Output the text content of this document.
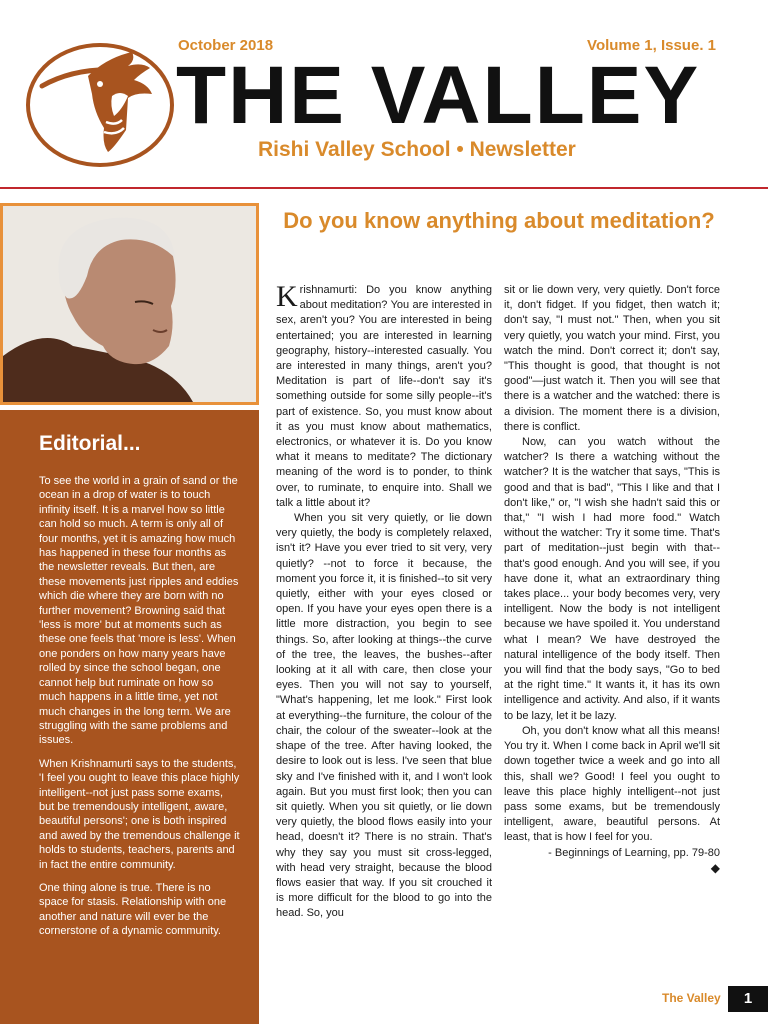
October 2018	Volume 1, Issue. 1
THE VALLEY
Rishi Valley School • Newsletter
Editorial...

To see the world in a grain of sand or the ocean in a drop of water is to touch infinity itself. It is a marvel how so little can hold so much. A term is only all of four months, yet it is amazing how much has happened in these four months as the newsletter reveals. But then, are these movements just ripples and eddies which die where they are born with no further movement? Browning said that 'less is more' but at moments such as these one feels that 'more is less'. When one ponders on how many years have rolled by since the school began, one cannot help but ruminate on how so much happens in a little time, yet not much changes in the long term. We are struggling with the same problems and issues.

When Krishnamurti says to the students, 'I feel you ought to leave this place highly intelligent--not just pass some exams, but be tremendously intelligent, aware, beautiful persons'; one is both inspired and awed by the tremendous challenge it holds to students, teachers, parents and in fact the entire community.

One thing alone is true. There is no space for stasis. Relationship with one another and nature will ever be the cornerstone of a dynamic community.

Do you know anything about meditation?

Krishnamurti: Do you know anything about meditation? You are interested in sex, aren't you? You are interested in being entertained; you are interested in learning geography, history--interested casually. You are interested in many things, aren't you? Meditation is part of life--don't say it's something outside for some silly people--it's part of existence. So, you must know about it as you must know about mathematics, electronics, or whatever it is. Do you know what it means to meditate? The dictionary meaning of the word is to ponder, to think over, to ruminate, to enquire into. Shall we talk a little about it?

When you sit very quietly, or lie down very quietly, the body is completely relaxed, isn't it? Have you ever tried to sit very, very quietly? --not to force it because, the moment you force it, it is finished--to sit very quietly, either with your eyes closed or open. If you have your eyes open there is a little more distraction, you begin to see things. So, after looking at things--the curve of the tree, the leaves, the bushes--after looking at it all with care, then close your eyes. Then you will not say to yourself, "What's happening, let me look." First look at everything--the furniture, the colour of the chair, the colour of the sweater--look at the shape of the tree. After having looked, the desire to look out is less. I've seen that blue sky and I've finished with it, and I won't look again. But you must first look; then you can sit quietly. When you sit quietly, or lie down very quietly, the blood flows easily into your head, doesn't it? There is no strain. That's why they say you must sit cross-legged, with head very straight, because the blood flows easier that way. If you sit crouched it is more difficult for the blood to go into the head. So, you

sit or lie down very, very quietly. Don't force it, don't fidget. If you fidget, then watch it; don't say, "I must not." Then, when you sit very quietly, you watch your mind. First, you watch the mind. Don't correct it; don't say, "This thought is good, that thought is not good"—just watch it. Then you will see that there is a watcher and the watched: there is a division. The moment there is a division, there is conflict.

Now, can you watch without the watcher? Is there a watching without the watcher? It is the watcher that says, "This is good and that is bad", "This I like and that I don't like," or, "I wish she hadn't said this or that," "I wish I had more food." Watch without the watcher: Try it some time. That's part of meditation--just begin with that--that's good enough. And you will see, if you have done it, what an extraordinary thing takes place... your body becomes very, very intelligent. Now the body is not intelligent because we have spoiled it. You understand what I mean? We have destroyed the natural intelligence of the body itself. Then you will find that the body says, "Go to bed at the right time." It wants it, it has its own intelligence and activity. And also, if it wants to be lazy, let it be lazy.

Oh, you don't know what all this means! You try it. When I come back in April we'll sit down together twice a week and go into all this, shall we? Good! I feel you ought to leave this place highly intelligent--not just pass some exams, but be tremendously intelligent, aware, beautiful persons. At least, that is how I feel for you.

- Beginnings of Learning, pp. 79-80

◆

The Valley	1
